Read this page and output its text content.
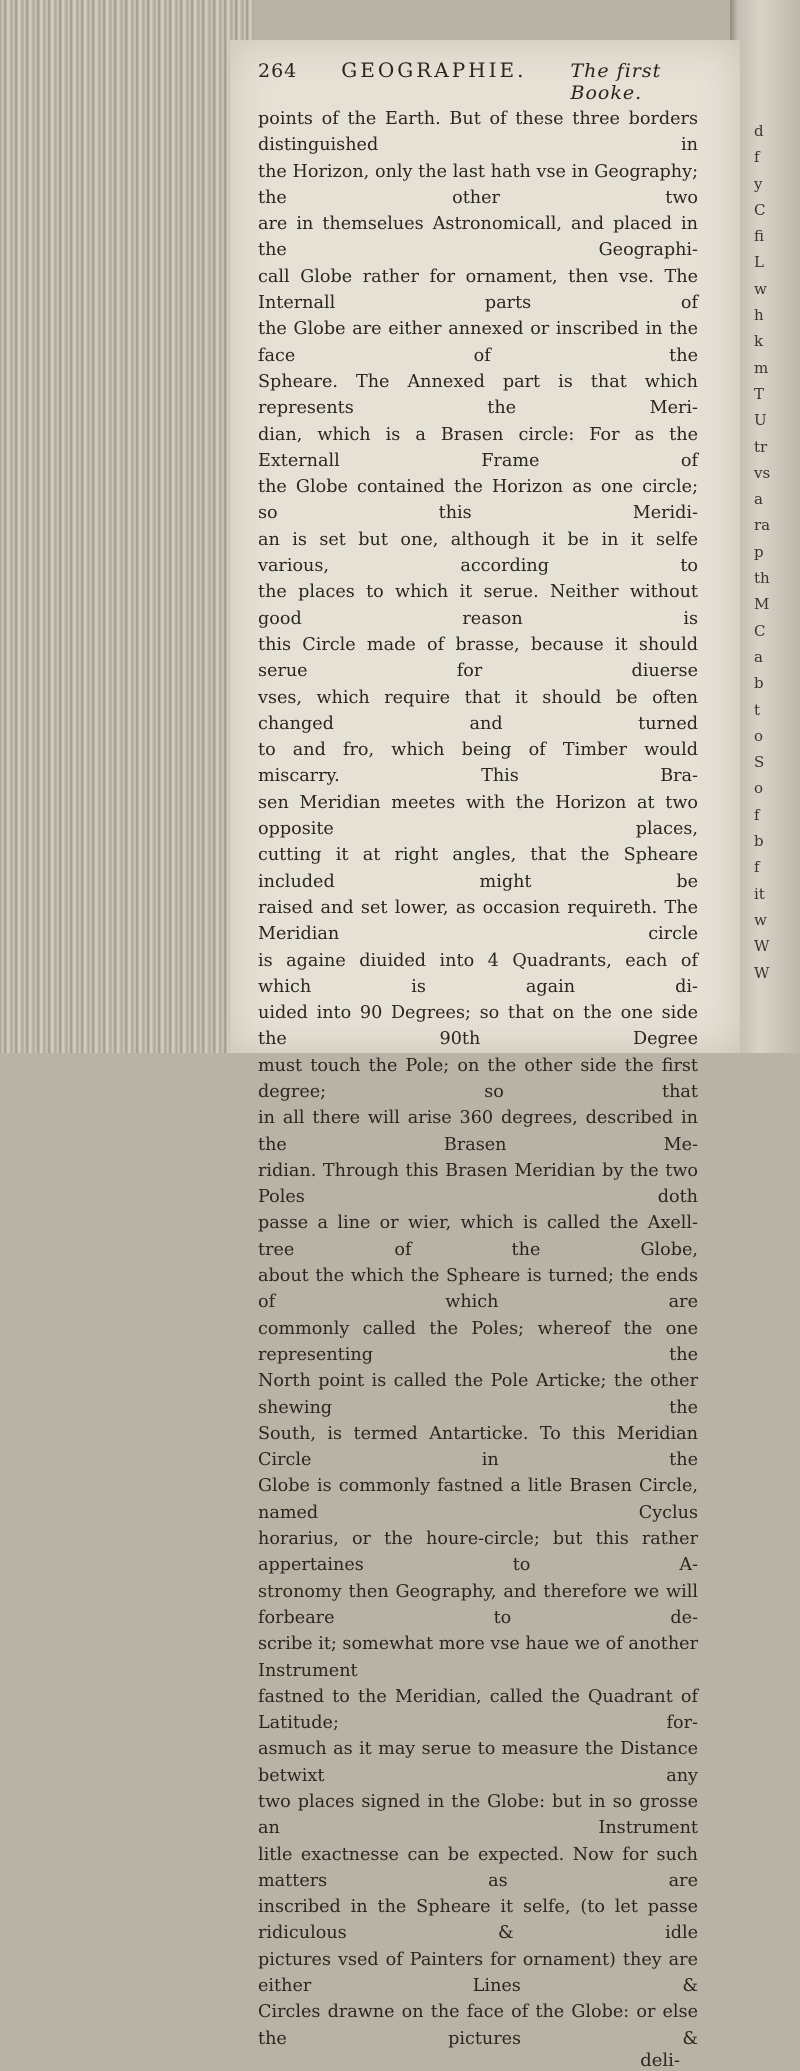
264 GEOGRAPHIE. The first Booke.

points of the Earth. But of these three borders distinguished in

the Horizon, only the last hath vse in Geography; the other two

are in themselues Astronomicall, and placed in the Geographi-

call Globe rather for ornament, then vse. The Internall parts of

the Globe are either annexed or inscribed in the face of the

Spheare. The Annexed part is that which represents the Meri-

dian, which is a Brasen circle: For as the Externall Frame of

the Globe contained the Horizon as one circle; so this Meridi-

an is set but one, although it be in it selfe various, according to

the places to which it serue. Neither without good reason is

this Circle made of brasse, because it should serue for diuerse

vses, which require that it should be often changed and turned

to and fro, which being of Timber would miscarry. This Bra-

sen Meridian meetes with the Horizon at two opposite places,

cutting it at right angles, that the Spheare included might be

raised and set lower, as occasion requireth. The Meridian circle

is againe diuided into 4 Quadrants, each of which is again di-

uided into 90 Degrees; so that on the one side the 90th Degree

must touch the Pole; on the other side the first degree; so that

in all there will arise 360 degrees, described in the Brasen Me-

ridian. Through this Brasen Meridian by the two Poles doth

passe a line or wier, which is called the Axell-tree of the Globe,

about the which the Spheare is turned; the ends of which are

commonly called the Poles; whereof the one representing the

North point is called the Pole Articke; the other shewing the

South, is termed Antarticke. To this Meridian Circle in the

Globe is commonly fastned a litle Brasen Circle, named Cyclus

horarius, or the houre-circle; but this rather appertaines to A-

stronomy then Geography, and therefore we will forbeare to de-

scribe it; somewhat more vse haue we of another Instrument

fastned to the Meridian, called the Quadrant of Latitude; for-

asmuch as it may serue to measure the Distance betwixt any

two places signed in the Globe: but in so grosse an Instrument

litle exactnesse can be expected. Now for such matters as are

inscribed in the Spheare it selfe, (to let passe ridiculous & idle

pictures vsed of Painters for ornament) they are either Lines &

Circles drawne on the face of the Globe: or else the pictures &

deli-
d
f
y
C
fi
L
w
h
k
m
T
U
tr
vs
a
ra
p
th
M
C
a
b
t
o
S
o
f
b
f
it
w
W
W
